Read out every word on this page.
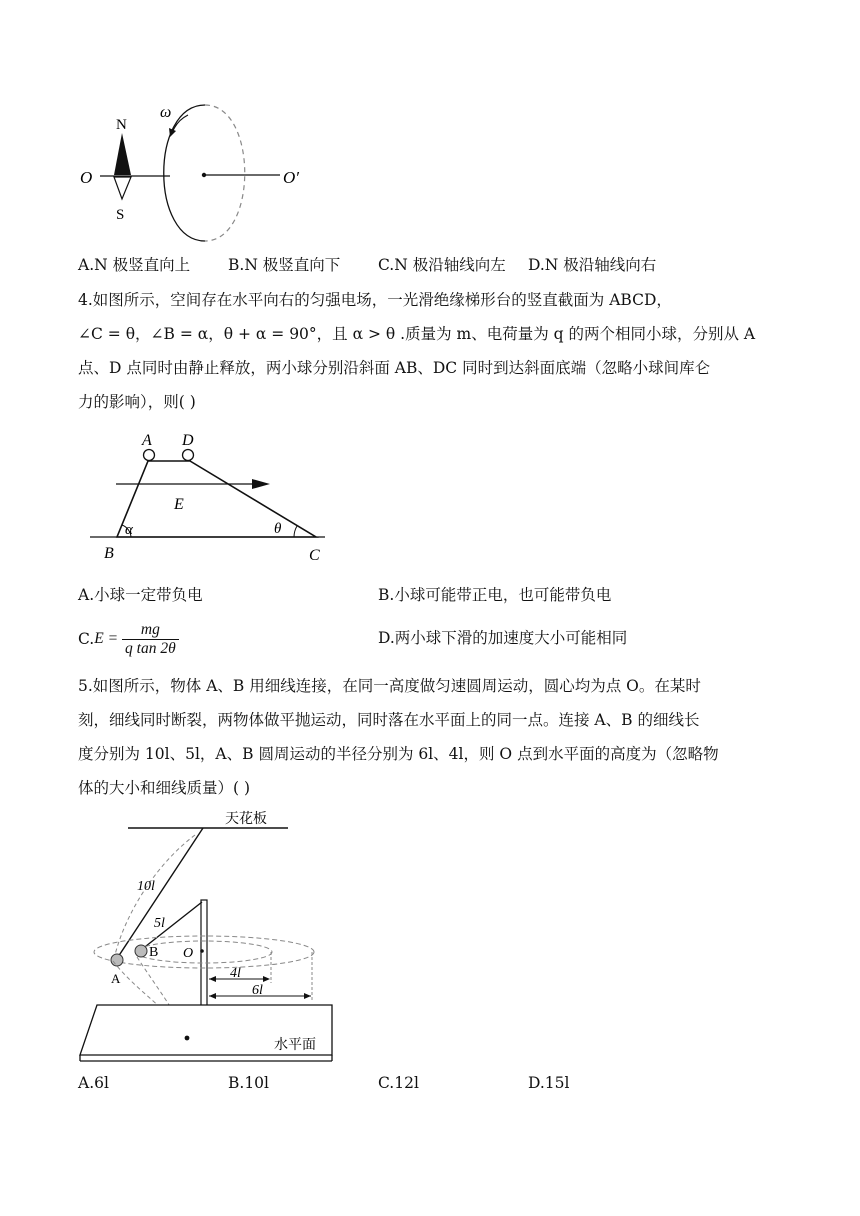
ω
O	O′
N
S
A.N 极竖直向上 B.N 极竖直向下 C.N 极沿轴线向左 D.N 极沿轴线向右
4.如图所示，空间存在水平向右的匀强电场，一光滑绝缘梯形台的竖直截面为 ABCD，
∠C = θ，∠B = α，θ + α = 90°，且 α > θ .质量为 m、电荷量为 q 的两个相同小球，分别从 A
点、D 点同时由静止释放，两小球分别沿斜面 AB、DC 同时到达斜面底端（忽略小球间库仑
力的影响），则( )
A D
E
α	θ
B	C
A.小球一定带负电	B.小球可能带正电，也可能带负电
C. $E = \frac{mg}{\text{q tan 2θ}}$	D.两小球下滑的加速度大小可能相同
5.如图所示，物体 A、B 用细线连接，在同一高度做匀速圆周运动，圆心均为点 O。在某时
刻，细线同时断裂，两物体做平抛运动，同时落在水平面上的同一点。连接 A、B 的细线长
度分别为 10l、5l，A、B 圆周运动的半径分别为 6l、4l，则 O 点到水平面的高度为（忽略物
体的大小和细线质量）( )
天花板
10l
5l
A
B O
4l
6l
水平面
A.6l	B.10l	C.12l	D.15l
